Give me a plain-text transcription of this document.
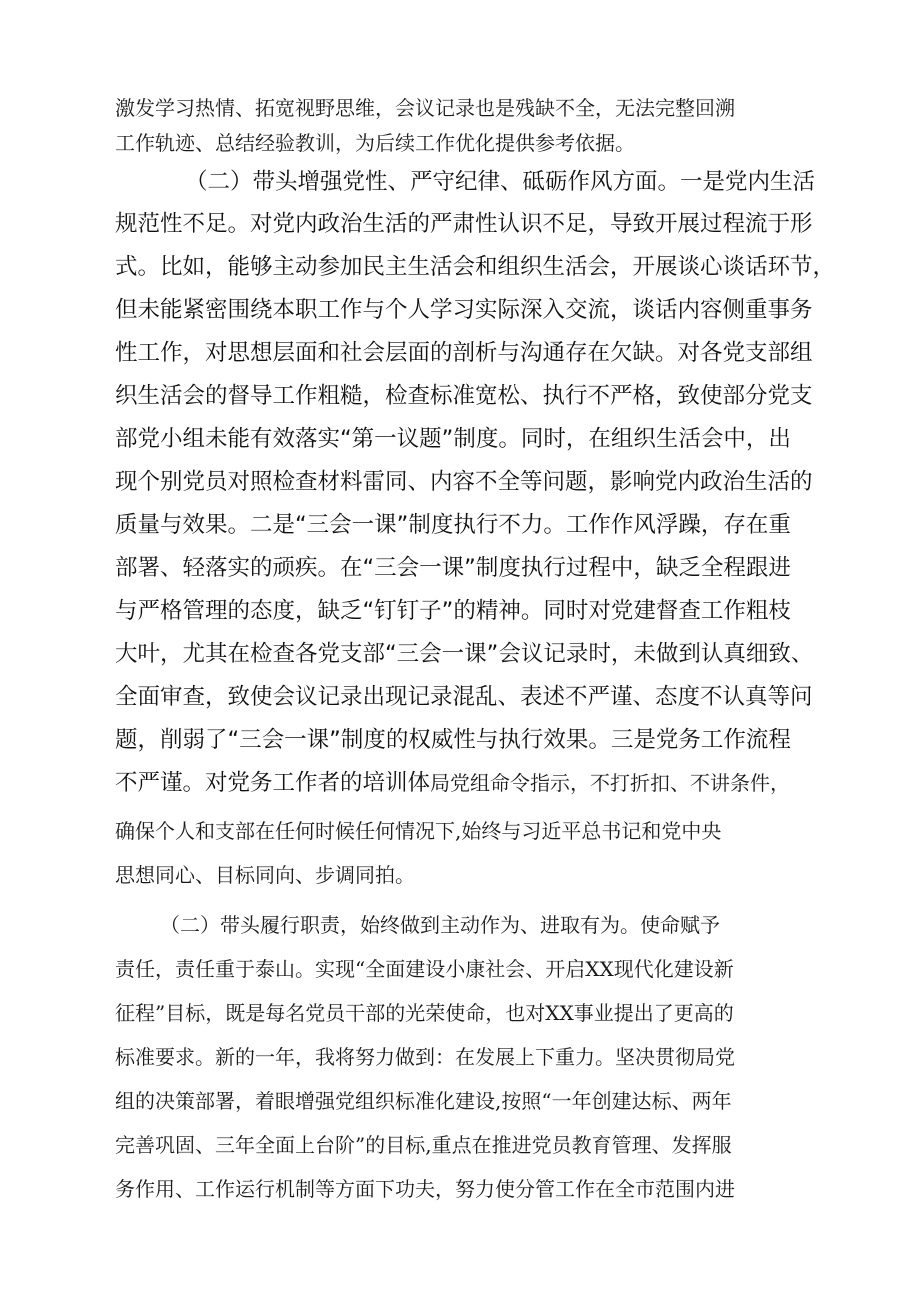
激发学习热情、拓宽视野思维，会议记录也是残缺不全，无法完整回溯
工作轨迹、总结经验教训，为后续工作优化提供参考依据。
（二）带头增强党性、严守纪律、砥砺作风方面。一是党内生活
规范性不足。对党内政治生活的严肃性认识不足，导致开展过程流于形
式。比如，能够主动参加民主生活会和组织生活会，开展谈心谈话环节，
但未能紧密围绕本职工作与个人学习实际深入交流，谈话内容侧重事务
性工作，对思想层面和社会层面的剖析与沟通存在欠缺。对各党支部组
织生活会的督导工作粗糙，检查标准宽松、执行不严格，致使部分党支
部党小组未能有效落实“第一议题”制度。同时，在组织生活会中，出
现个别党员对照检查材料雷同、内容不全等问题，影响党内政治生活的
质量与效果。二是“三会一课”制度执行不力。工作作风浮躁，存在重
部署、轻落实的顽疾。在“三会一课”制度执行过程中，缺乏全程跟进
与严格管理的态度，缺乏“钉钉子”的精神。同时对党建督查工作粗枝
大叶，尤其在检查各党支部“三会一课”会议记录时，未做到认真细致、
全面审查，致使会议记录出现记录混乱、表述不严谨、态度不认真等问
题，削弱了“三会一课”制度的权威性与执行效果。三是党务工作流程
不严谨。对党务工作者的培训体局党组命令指示，不打折扣、不讲条件，
确保个人和支部在任何时候任何情况下,始终与习近平总书记和党中央
思想同心、目标同向、步调同拍。
（二）带头履行职责，始终做到主动作为、进取有为。使命赋予
责任，责任重于泰山。实现“全面建设小康社会、开启XX现代化建设新
征程”目标，既是每名党员干部的光荣使命，也对XX事业提出了更高的
标准要求。新的一年，我将努力做到：在发展上下重力。坚决贯彻局党
组的决策部署，着眼增强党组织标准化建设,按照“一年创建达标、两年
完善巩固、三年全面上台阶”的目标,重点在推进党员教育管理、发挥服
务作用、工作运行机制等方面下功夫，努力使分管工作在全市范围内进
